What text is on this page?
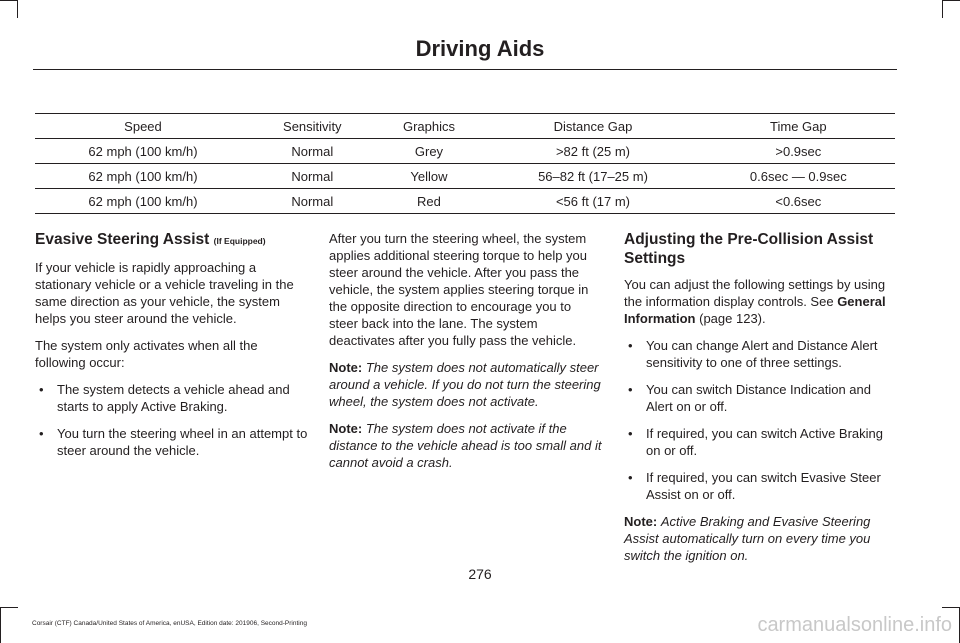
Driving Aids
Speed	Sensitivity	Graphics	Distance Gap	Time Gap
62 mph (100 km/h)	Normal	Grey	>82 ft (25 m)	>0.9sec
62 mph (100 km/h)	Normal	Yellow	56–82 ft (17–25 m)	0.6sec — 0.9sec
62 mph (100 km/h)	Normal	Red	<56 ft (17 m)	<0.6sec
Evasive Steering Assist (If Equipped)

If your vehicle is rapidly approaching a stationary vehicle or a vehicle traveling in the same direction as your vehicle, the system helps you steer around the vehicle.

The system only activates when all the following occur:

• The system detects a vehicle ahead and starts to apply Active Braking.
• You turn the steering wheel in an attempt to steer around the vehicle.

After you turn the steering wheel, the system applies additional steering torque to help you steer around the vehicle. After you pass the vehicle, the system applies steering torque in the opposite direction to encourage you to steer back into the lane. The system deactivates after you fully pass the vehicle.

Note: The system does not automatically steer around a vehicle. If you do not turn the steering wheel, the system does not activate.

Note: The system does not activate if the distance to the vehicle ahead is too small and it cannot avoid a crash.

Adjusting the Pre-Collision Assist Settings

You can adjust the following settings by using the information display controls. See General Information (page 123).

• You can change Alert and Distance Alert sensitivity to one of three settings.
• You can switch Distance Indication and Alert on or off.
• If required, you can switch Active Braking on or off.
• If required, you can switch Evasive Steer Assist on or off.

Note: Active Braking and Evasive Steering Assist automatically turn on every time you switch the ignition on.

276
Corsair (CTF) Canada/United States of America, enUSA, Edition date: 201906, Second-Printing	carmanualsonline.info
